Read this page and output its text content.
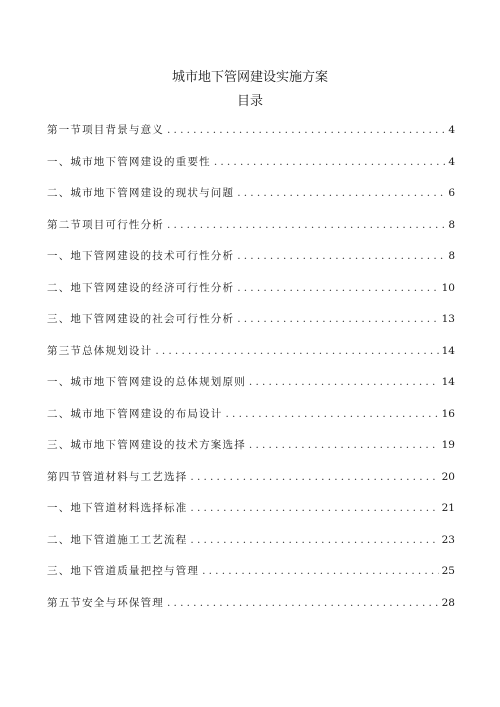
城市地下管网建设实施方案
目录
第一节项目背景与意义 .....	4
一、城市地下管网建设的重要性 .....	4
二、城市地下管网建设的现状与问题 .....	6
第二节项目可行性分析 .....	8
一、地下管网建设的技术可行性分析 .....	8
二、地下管网建设的经济可行性分析 .....	10
三、地下管网建设的社会可行性分析 .....	13
第三节总体规划设计 .....	14
一、城市地下管网建设的总体规划原则 .....	14
二、城市地下管网建设的布局设计 .....	16
三、城市地下管网建设的技术方案选择 .....	19
第四节管道材料与工艺选择 .....	20
一、地下管道材料选择标准 .....	21
二、地下管道施工工艺流程 .....	23
三、地下管道质量把控与管理 .....	25
第五节安全与环保管理 .....	28
